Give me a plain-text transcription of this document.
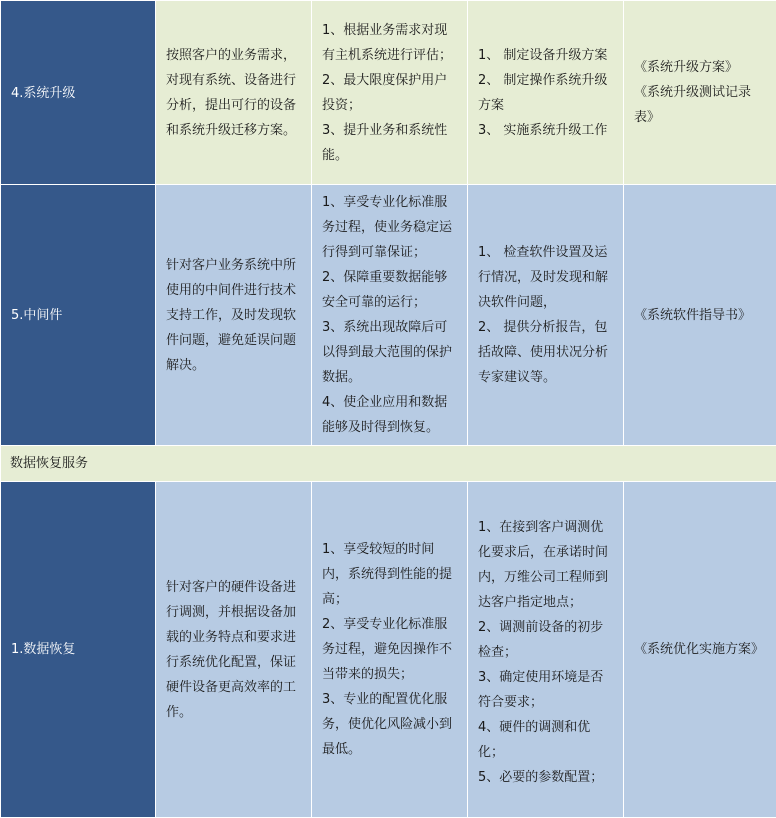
4.系统升级	按照客户的业务需求，对现有系统、设备进行分析，提出可行的设备和系统升级迁移方案。	1、根据业务需求对现有主机系统进行评估；
2、最大限度保护用户投资；
3、提升业务和系统性能。	1、 制定设备升级方案
2、 制定操作系统升级方案
3、 实施系统升级工作	《系统升级方案》
《系统升级测试记录表》

5.中间件	针对客户业务系统中所使用的中间件进行技术支持工作，及时发现软件问题，避免延误问题解决。	1、享受专业化标准服务过程，使业务稳定运行得到可靠保证；
2、保障重要数据能够安全可靠的运行；
3、系统出现故障后可以得到最大范围的保护数据。
4、使企业应用和数据能够及时得到恢复。	1、 检查软件设置及运行情况，及时发现和解决软件问题，
2、 提供分析报告，包括故障、使用状况分析专家建议等。	《系统软件指导书》

数据恢复服务				
1.数据恢复	针对客户的硬件设备进行调测，并根据设备加载的业务特点和要求进行系统优化配置，保证硬件设备更高效率的工作。	1、享受较短的时间内，系统得到性能的提高；
2、享受专业化标准服务过程，避免因操作不当带来的损失；
3、专业的配置优化服务，使优化风险减小到最低。	1、在接到客户调测优化要求后，在承诺时间内，万维公司工程师到达客户指定地点；
2、调测前设备的初步检查；
3、确定使用环境是否符合要求；
4、硬件的调测和优化；
5、必要的参数配置；	《系统优化实施方案》
